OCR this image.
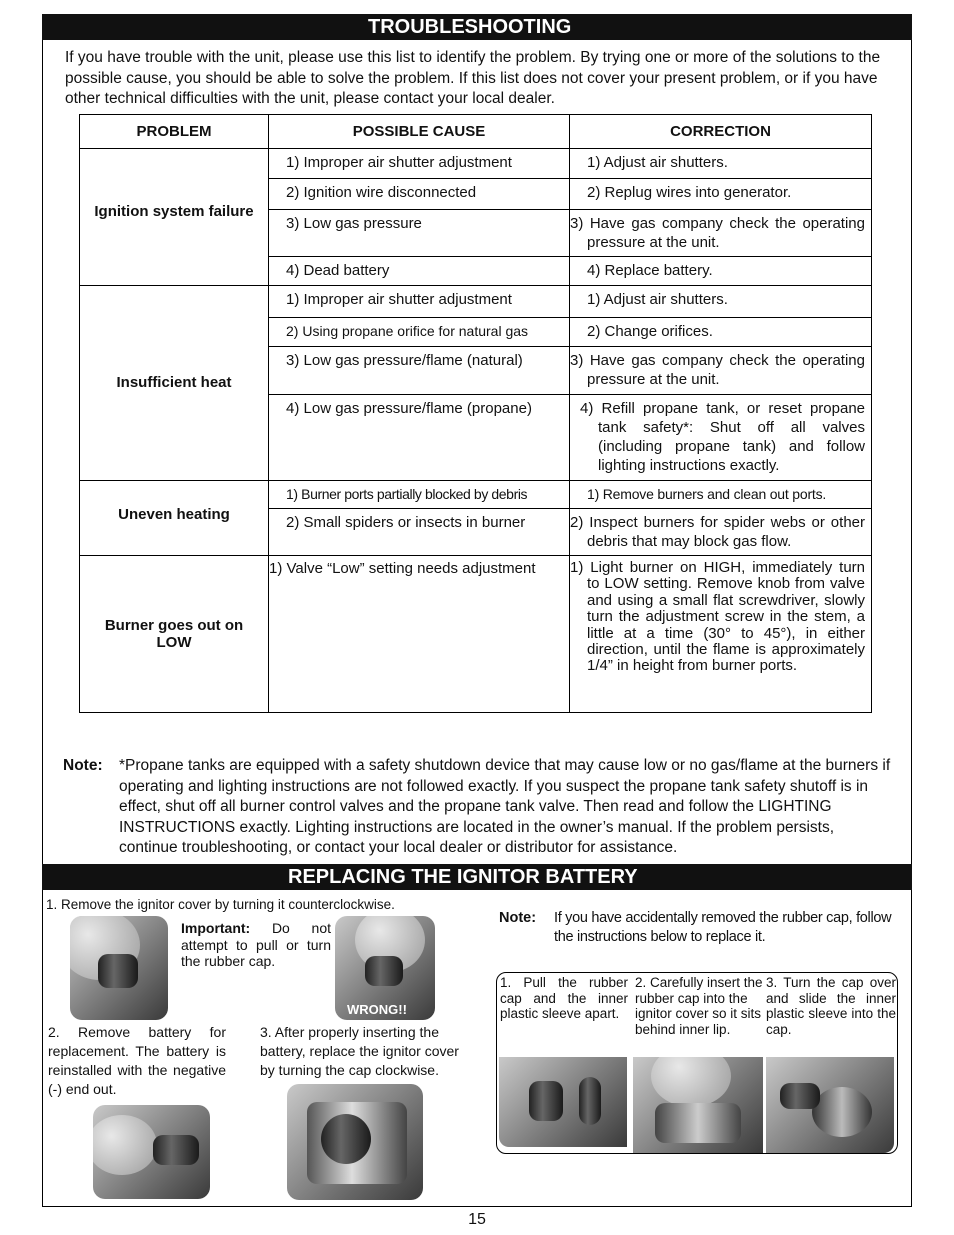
TROUBLESHOOTING

If you have trouble with the unit, please use this list to identify the problem. By trying one or more of the solutions to the possible cause, you should be able to solve the problem. If this list does not cover your present problem, or if you have other technical difficulties with the unit, please contact your local dealer.

PROBLEM	POSSIBLE CAUSE	CORRECTION
Ignition system failure	1) Improper air shutter adjustment	1) Adjust air shutters.
	2) Ignition wire disconnected	2) Replug wires into generator.
	3) Low gas pressure	3) Have gas company check the operating pressure at the unit.
	4) Dead battery	4) Replace battery.
Insufficient heat	1) Improper air shutter adjustment	1) Adjust air shutters.
	2) Using propane orifice for natural gas	2) Change orifices.
	3) Low gas pressure/flame (natural)	3) Have gas company check the operating pressure at the unit.
	4) Low gas pressure/flame (propane)	4) Refill propane tank, or reset propane tank safety*: Shut off all valves (including propane tank) and follow lighting instructions exactly.
Uneven heating	1) Burner ports partially blocked by debris	1) Remove burners and clean out ports.
	2) Small spiders or insects in burner	2) Inspect burners for spider webs or other debris that may block gas flow.
Burner goes out on LOW	1) Valve “Low” setting needs adjustment	1) Light burner on HIGH, immediately turn to LOW setting. Remove knob from valve and using a small flat screwdriver, slowly turn the adjustment screw in the stem, a little at a time (30° to 45°), in either direction, until the flame is approximately 1/4” in height from burner ports.
Note: *Propane tanks are equipped with a safety shutdown device that may cause low or no gas/flame at the burners if operating and lighting instructions are not followed exactly. If you suspect the propane tank safety shutoff is in effect, shut off all burner control valves and the propane tank valve. Then read and follow the LIGHTING INSTRUCTIONS exactly. Lighting instructions are located in the owner’s manual. If the problem persists, continue troubleshooting, or contact your local dealer or distributor for assistance.

REPLACING THE IGNITOR BATTERY

1. Remove the ignitor cover by turning it counterclockwise.

Important: Do not attempt to pull or turn the rubber cap.

WRONG!!

2. Remove battery for replacement. The battery is reinstalled with the negative (-) end out.

3. After properly inserting the battery, replace the ignitor cover by turning the cap clockwise.

Note: If you have accidentally removed the rubber cap, follow the instructions below to replace it.

1. Pull the rubber cap and the inner plastic sleeve apart.

2. Carefully insert the rubber cap into the ignitor cover so it sits behind inner lip.

3. Turn the cap over and slide the inner plastic sleeve into the cap.

15
